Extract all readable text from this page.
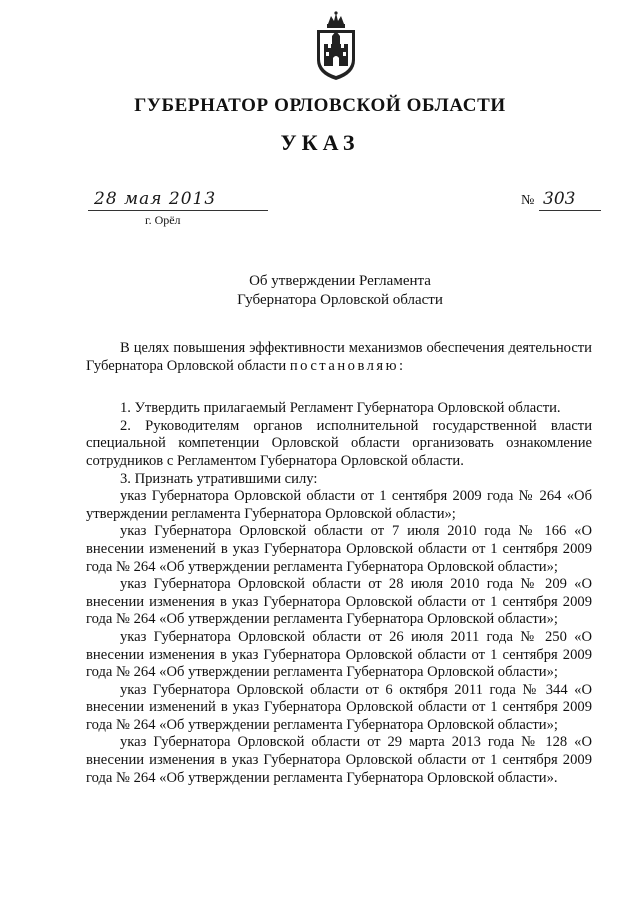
ГУБЕРНАТОР ОРЛОВСКОЙ ОБЛАСТИ
УКАЗ
28 мая 2013
г. Орёл
№ 303
Об утверждении Регламента
Губернатора Орловской области

В целях повышения эффективности механизмов обеспечения деятельности Губернатора Орловской области постановляю:

1. Утвердить прилагаемый Регламент Губернатора Орловской области.

2. Руководителям органов исполнительной государственной власти специальной компетенции Орловской области организовать ознакомление сотрудников с Регламентом Губернатора Орловской области.

3. Признать утратившими силу:

указ Губернатора Орловской области от 1 сентября 2009 года № 264 «Об утверждении регламента Губернатора Орловской области»;

указ Губернатора Орловской области от 7 июля 2010 года № 166 «О внесении изменений в указ Губернатора Орловской области от 1 сентября 2009 года № 264 «Об утверждении регламента Губернатора Орловской области»;

указ Губернатора Орловской области от 28 июля 2010 года № 209 «О внесении изменения в указ Губернатора Орловской области от 1 сентября 2009 года № 264 «Об утверждении регламента Губернатора Орловской области»;

указ Губернатора Орловской области от 26 июля 2011 года № 250 «О внесении изменения в указ Губернатора Орловской области от 1 сентября 2009 года № 264 «Об утверждении регламента Губернатора Орловской области»;

указ Губернатора Орловской области от 6 октября 2011 года № 344 «О внесении изменений в указ Губернатора Орловской области от 1 сентября 2009 года № 264 «Об утверждении регламента Губернатора Орловской области»;

указ Губернатора Орловской области от 29 марта 2013 года № 128 «О внесении изменения в указ Губернатора Орловской области от 1 сентября 2009 года № 264 «Об утверждении регламента Губернатора Орловской области».
